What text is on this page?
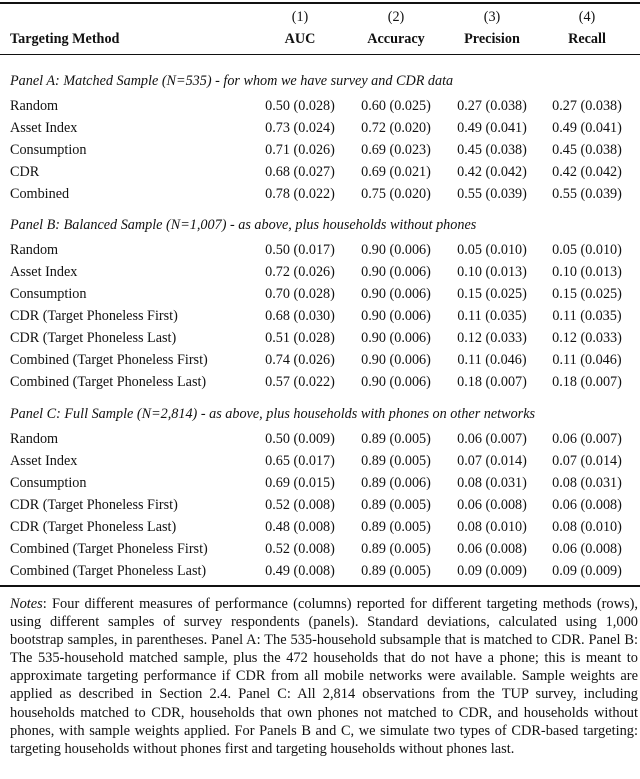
(1)	(2)	(3)	(4)
Targeting Method	AUC	Accuracy	Precision	Recall
Panel A: Matched Sample (N=535) - for whom we have survey and CDR data
Random	0.50 (0.028)	0.60 (0.025)	0.27 (0.038)	0.27 (0.038)
Asset Index	0.73 (0.024)	0.72 (0.020)	0.49 (0.041)	0.49 (0.041)
Consumption	0.71 (0.026)	0.69 (0.023)	0.45 (0.038)	0.45 (0.038)
CDR	0.68 (0.027)	0.69 (0.021)	0.42 (0.042)	0.42 (0.042)
Combined	0.78 (0.022)	0.75 (0.020)	0.55 (0.039)	0.55 (0.039)
Panel B: Balanced Sample (N=1,007) - as above, plus households without phones
Random	0.50 (0.017)	0.90 (0.006)	0.05 (0.010)	0.05 (0.010)
Asset Index	0.72 (0.026)	0.90 (0.006)	0.10 (0.013)	0.10 (0.013)
Consumption	0.70 (0.028)	0.90 (0.006)	0.15 (0.025)	0.15 (0.025)
CDR (Target Phoneless First)	0.68 (0.030)	0.90 (0.006)	0.11 (0.035)	0.11 (0.035)
CDR (Target Phoneless Last)	0.51 (0.028)	0.90 (0.006)	0.12 (0.033)	0.12 (0.033)
Combined (Target Phoneless First)	0.74 (0.026)	0.90 (0.006)	0.11 (0.046)	0.11 (0.046)
Combined (Target Phoneless Last)	0.57 (0.022)	0.90 (0.006)	0.18 (0.007)	0.18 (0.007)
Panel C: Full Sample (N=2,814) - as above, plus households with phones on other networks
Random	0.50 (0.009)	0.89 (0.005)	0.06 (0.007)	0.06 (0.007)
Asset Index	0.65 (0.017)	0.89 (0.005)	0.07 (0.014)	0.07 (0.014)
Consumption	0.69 (0.015)	0.89 (0.006)	0.08 (0.031)	0.08 (0.031)
CDR (Target Phoneless First)	0.52 (0.008)	0.89 (0.005)	0.06 (0.008)	0.06 (0.008)
CDR (Target Phoneless Last)	0.48 (0.008)	0.89 (0.005)	0.08 (0.010)	0.08 (0.010)
Combined (Target Phoneless First)	0.52 (0.008)	0.89 (0.005)	0.06 (0.008)	0.06 (0.008)
Combined (Target Phoneless Last)	0.49 (0.008)	0.89 (0.005)	0.09 (0.009)	0.09 (0.009)
Notes: Four different measures of performance (columns) reported for different targeting methods (rows), using different samples of survey respondents (panels). Standard deviations, calculated using 1,000 bootstrap samples, in parentheses. Panel A: The 535-household subsample that is matched to CDR. Panel B: The 535-household matched sample, plus the 472 households that do not have a phone; this is meant to approximate targeting performance if CDR from all mobile networks were available. Sample weights are applied as described in Section 2.4. Panel C: All 2,814 observations from the TUP survey, including households matched to CDR, households that own phones not matched to CDR, and households without phones, with sample weights applied. For Panels B and C, we simulate two types of CDR-based targeting: targeting households without phones first and targeting households without phones last.
